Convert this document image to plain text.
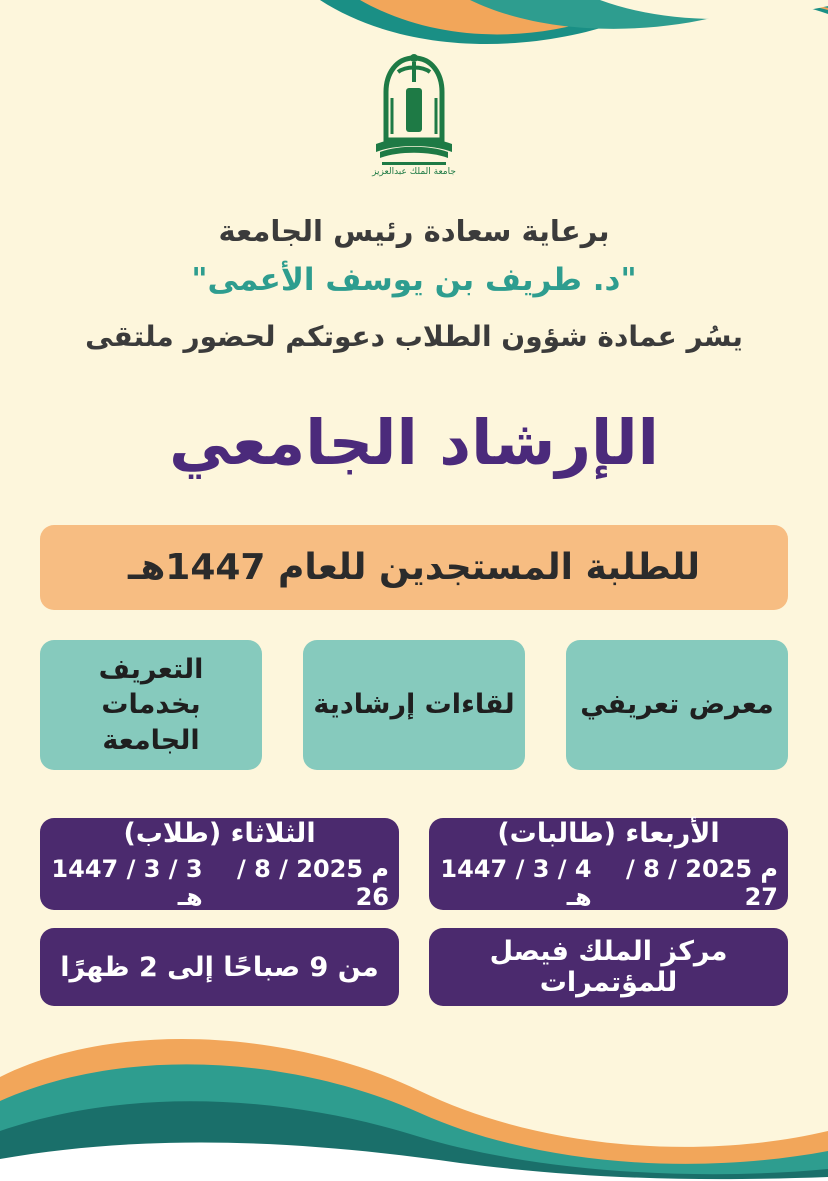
جامعة الملك عبدالعزيز
برعاية سعادة رئيس الجامعة
"د. طريف بن يوسف الأعمى"
يسُر عمادة شؤون الطلاب دعوتكم لحضور ملتقى
الإرشاد الجامعي
للطلبة المستجدين للعام 1447هـ
التعريف بخدمات الجامعة
لقاءات إرشادية	معرض تعريفي
الثلاثاء (طلاب)
3 / 3 / 1447 هـ
م 2025 / 8 / 26
الأربعاء (طالبات)
4 / 3 / 1447 هـ
م 2025 / 8 / 27
من 9 صباحًا إلى 2 ظهرًا	مركز الملك فيصل للمؤتمرات
